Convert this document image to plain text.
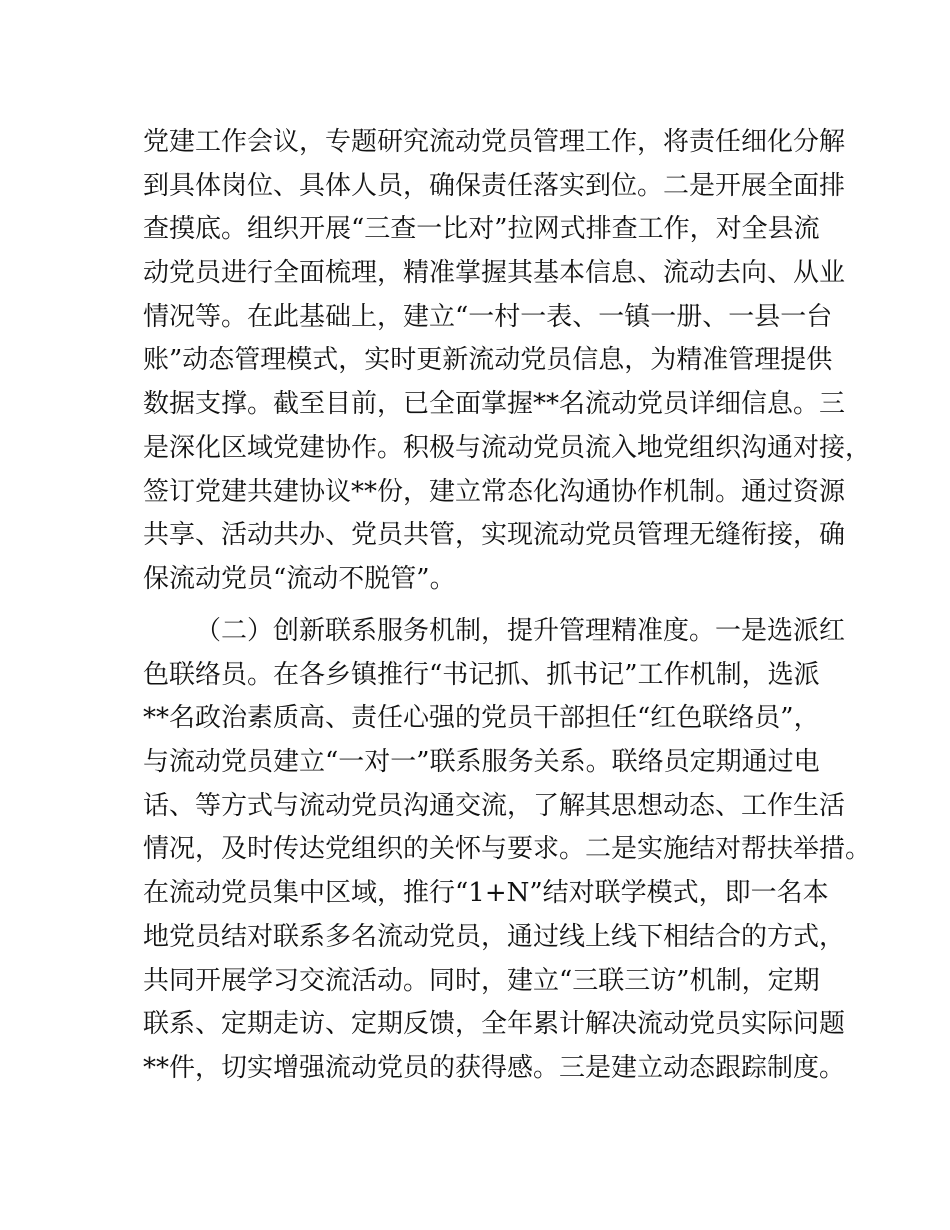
党建工作会议，专题研究流动党员管理工作，将责任细化分解
到具体岗位、具体人员，确保责任落实到位。二是开展全面排
查摸底。组织开展“三查一比对”拉网式排查工作，对全县流
动党员进行全面梳理，精准掌握其基本信息、流动去向、从业
情况等。在此基础上，建立“一村一表、一镇一册、一县一台
账”动态管理模式，实时更新流动党员信息，为精准管理提供
数据支撑。截至目前，已全面掌握**名流动党员详细信息。三
是深化区域党建协作。积极与流动党员流入地党组织沟通对接，
签订党建共建协议**份，建立常态化沟通协作机制。通过资源
共享、活动共办、党员共管，实现流动党员管理无缝衔接，确
保流动党员“流动不脱管”。
（二）创新联系服务机制，提升管理精准度。一是选派红
色联络员。在各乡镇推行“书记抓、抓书记”工作机制，选派
**名政治素质高、责任心强的党员干部担任“红色联络员”，
与流动党员建立“一对一”联系服务关系。联络员定期通过电
话、等方式与流动党员沟通交流，了解其思想动态、工作生活
情况，及时传达党组织的关怀与要求。二是实施结对帮扶举措。
在流动党员集中区域，推行“1+N”结对联学模式，即一名本
地党员结对联系多名流动党员，通过线上线下相结合的方式，
共同开展学习交流活动。同时，建立“三联三访”机制，定期
联系、定期走访、定期反馈，全年累计解决流动党员实际问题
**件，切实增强流动党员的获得感。三是建立动态跟踪制度。
